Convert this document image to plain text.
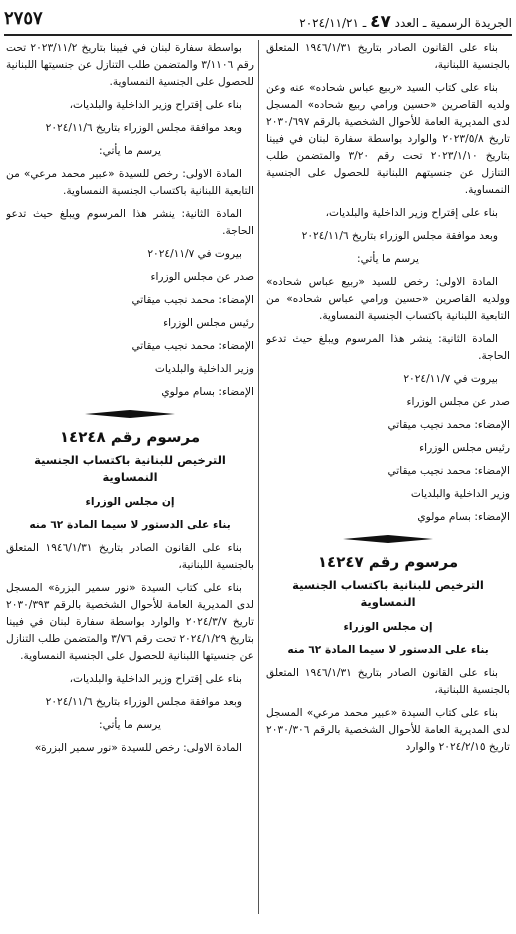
الجريدة الرسمية ـ العدد ٤٧ ـ ٢٠٢٤/١١/٢١
٢٧٥٧

بناء على القانون الصادر بتاريخ ١٩٤٦/١/٣١ المتعلق بالجنسية اللبنانية،

بناء على كتاب السيد «ربيع عباس شحاده» عنه وعن ولديه القاصرين «حسين ورامي ربيع شحاده» المسجل لدى المديرية العامة للأحوال الشخصية بالرقم ٢٠٣٠/٦٩٧ تاريخ ٢٠٢٣/٥/٨ والوارد بواسطة سفارة لبنان في فيينا بتاريخ ٢٠٢٣/١/١٠ تحت رقم ٣/٢٠ والمتضمن طلب التنازل عن جنسيتهم اللبنانية للحصول على الجنسية النمساوية.

بناء على إقتراح وزير الداخلية والبلديات،

وبعد موافقة مجلس الوزراء بتاريخ ٢٠٢٤/١١/٦

يرسم ما يأتي:

المادة الاولى: رخص للسيد «ربيع عباس شحاده» وولديه القاصرين «حسين ورامي عباس شحاده» من التابعية اللبنانية باكتساب الجنسية النمساوية.

المادة الثانية: ينشر هذا المرسوم ويبلغ حيث تدعو الحاجة.

بيروت في ٢٠٢٤/١١/٧

صدر عن مجلس الوزراء

الإمضاء: محمد نجيب ميقاتي

رئيس مجلس الوزراء

الإمضاء: محمد نجيب ميقاتي

وزير الداخلية والبلديات

الإمضاء: بسام مولوي

مرسوم رقم ١٤٢٤٧
الترخيص للبنانية باكتساب الجنسية النمساوية

إن مجلس الوزراء

بناء على الدستور لا سيما المادة ٦٢ منه

بناء على القانون الصادر بتاريخ ١٩٤٦/١/٣١ المتعلق بالجنسية اللبنانية،

بناء على كتاب السيدة «عبير محمد مرعي» المسجل لدى المديرية العامة للأحوال الشخصية بالرقم ٢٠٣٠/٣٠٦ تاريخ ٢٠٢٤/٢/١٥ والوارد

بواسطة سفارة لبنان في فيينا بتاريخ ٢٠٢٣/١١/٢ تحت رقم ٣/١١٠٦ والمتضمن طلب التنازل عن جنسيتها اللبنانية للحصول على الجنسية النمساوية.

بناء على إقتراح وزير الداخلية والبلديات،

وبعد موافقة مجلس الوزراء بتاريخ ٢٠٢٤/١١/٦

يرسم ما يأتي:

المادة الاولى: رخص للسيدة «عبير محمد مرعي» من التابعية اللبنانية باكتساب الجنسية النمساوية.

المادة الثانية: ينشر هذا المرسوم ويبلغ حيث تدعو الحاجة.

بيروت في ٢٠٢٤/١١/٧

صدر عن مجلس الوزراء

الإمضاء: محمد نجيب ميقاتي

رئيس مجلس الوزراء

الإمضاء: محمد نجيب ميقاتي

وزير الداخلية والبلديات

الإمضاء: بسام مولوي

مرسوم رقم ١٤٢٤٨
الترخيص للبنانية باكتساب الجنسية النمساوية

إن مجلس الوزراء

بناء على الدستور لا سيما المادة ٦٢ منه

بناء على القانون الصادر بتاريخ ١٩٤٦/١/٣١ المتعلق بالجنسية اللبنانية،

بناء على كتاب السيدة «نور سمير البزرة» المسجل لدى المديرية العامة للأحوال الشخصية بالرقم ٢٠٣٠/٣٩٣ تاريخ ٢٠٢٤/٣/٧ والوارد بواسطة سفارة لبنان في فيينا بتاريخ ٢٠٢٤/١/٢٩ تحت رقم ٣/٧٦ والمتضمن طلب التنازل عن جنسيتها اللبنانية للحصول على الجنسية النمساوية.

بناء على إقتراح وزير الداخلية والبلديات،

وبعد موافقة مجلس الوزراء بتاريخ ٢٠٢٤/١١/٦

يرسم ما يأتي:

المادة الاولى: رخص للسيدة «نور سمير البزرة»
